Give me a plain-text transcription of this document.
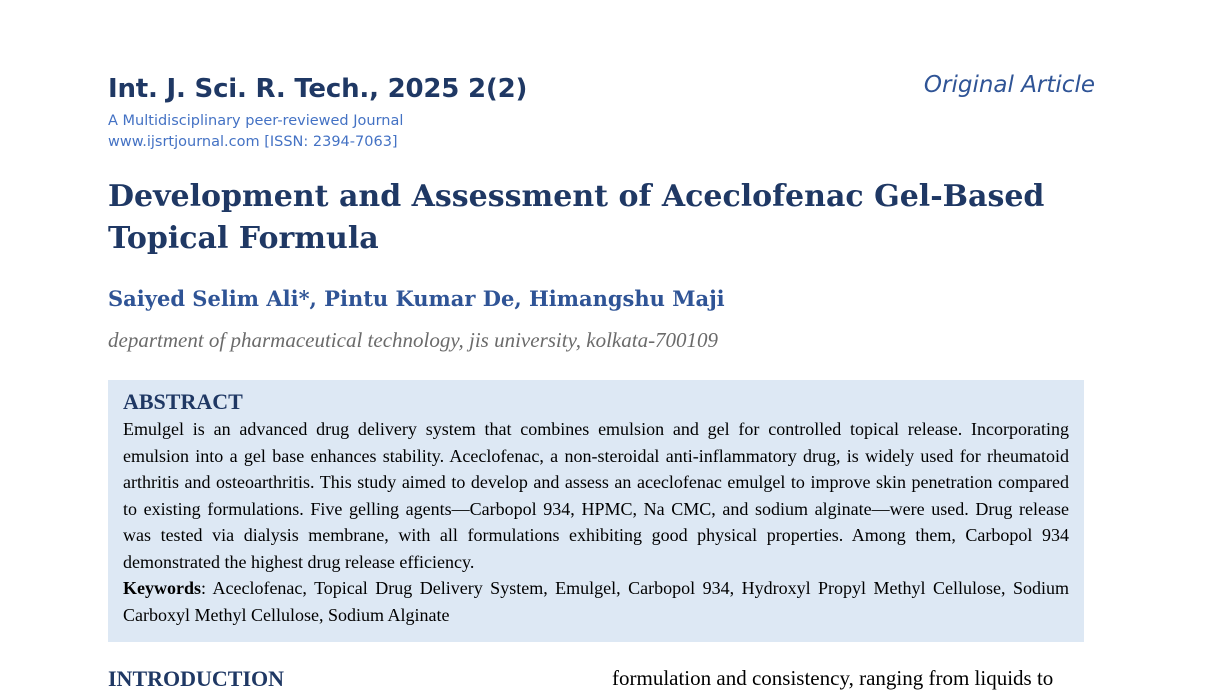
Int. J. Sci. R. Tech., 2025 2(2)	Original Article
A Multidisciplinary peer-reviewed Journal
www.ijsrtjournal.com [ISSN: 2394-7063]
Development and Assessment of Aceclofenac Gel-Based Topical Formula
Saiyed Selim Ali*, Pintu Kumar De, Himangshu Maji
department of pharmaceutical technology, jis university, kolkata-700109
ABSTRACT

Emulgel is an advanced drug delivery system that combines emulsion and gel for controlled topical release. Incorporating emulsion into a gel base enhances stability. Aceclofenac, a non-steroidal anti-inflammatory drug, is widely used for rheumatoid arthritis and osteoarthritis. This study aimed to develop and assess an aceclofenac emulgel to improve skin penetration compared to existing formulations. Five gelling agents—Carbopol 934, HPMC, Na CMC, and sodium alginate—were used. Drug release was tested via dialysis membrane, with all formulations exhibiting good physical properties. Among them, Carbopol 934 demonstrated the highest drug release efficiency.

Keywords: Aceclofenac, Topical Drug Delivery System, Emulgel, Carbopol 934, Hydroxyl Propyl Methyl Cellulose, Sodium Carboxyl Methyl Cellulose, Sodium Alginate

INTRODUCTION	formulation and consistency, ranging from liquids to
